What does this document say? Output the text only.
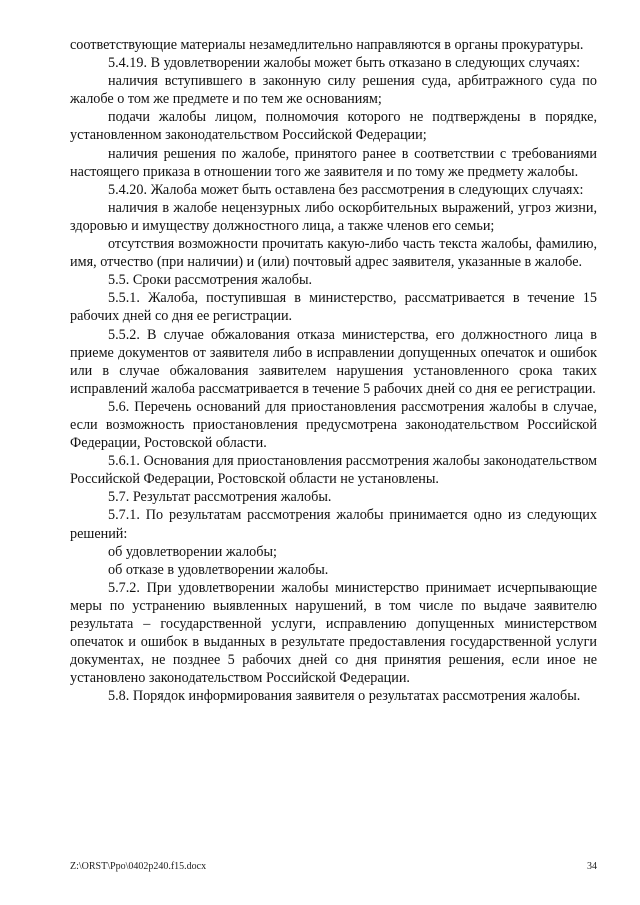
соответствующие материалы незамедлительно направляются в органы прокуратуры.

5.4.19. В удовлетворении жалобы может быть отказано в следующих случаях:

наличия вступившего в законную силу решения суда, арбитражного суда по жалобе о том же предмете и по тем же основаниям;

подачи жалобы лицом, полномочия которого не подтверждены в порядке, установленном законодательством Российской Федерации;

наличия решения по жалобе, принятого ранее в соответствии с требованиями настоящего приказа в отношении того же заявителя и по тому же предмету жалобы.

5.4.20. Жалоба может быть оставлена без рассмотрения в следующих случаях:

наличия в жалобе нецензурных либо оскорбительных выражений, угроз жизни, здоровью и имуществу должностного лица, а также членов его семьи;

отсутствия возможности прочитать какую-либо часть текста жалобы, фамилию, имя, отчество (при наличии) и (или) почтовый адрес заявителя, указанные в жалобе.

5.5. Сроки рассмотрения жалобы.

5.5.1. Жалоба, поступившая в министерство, рассматривается в течение 15 рабочих дней со дня ее регистрации.

5.5.2. В случае обжалования отказа министерства, его должностного лица в приеме документов от заявителя либо в исправлении допущенных опечаток и ошибок или в случае обжалования заявителем нарушения установленного срока таких исправлений жалоба рассматривается в течение 5 рабочих дней со дня ее регистрации.

5.6. Перечень оснований для приостановления рассмотрения жалобы в случае, если возможность приостановления предусмотрена законодательством Российской Федерации, Ростовской области.

5.6.1. Основания для приостановления рассмотрения жалобы законодательством Российской Федерации, Ростовской области не установлены.

5.7. Результат рассмотрения жалобы.

5.7.1. По результатам рассмотрения жалобы принимается одно из следующих решений:

об удовлетворении жалобы;

об отказе в удовлетворении жалобы.

5.7.2. При удовлетворении жалобы министерство принимает исчерпывающие меры по устранению выявленных нарушений, в том числе по выдаче заявителю результата – государственной услуги, исправлению допущенных министерством опечаток и ошибок в выданных в результате предоставления государственной услуги документах, не позднее 5 рабочих дней со дня принятия решения, если иное не установлено законодательством Российской Федерации.

5.8. Порядок информирования заявителя о результатах рассмотрения жалобы.

Z:\ORST\Ppo\0402p240.f15.docx	34
